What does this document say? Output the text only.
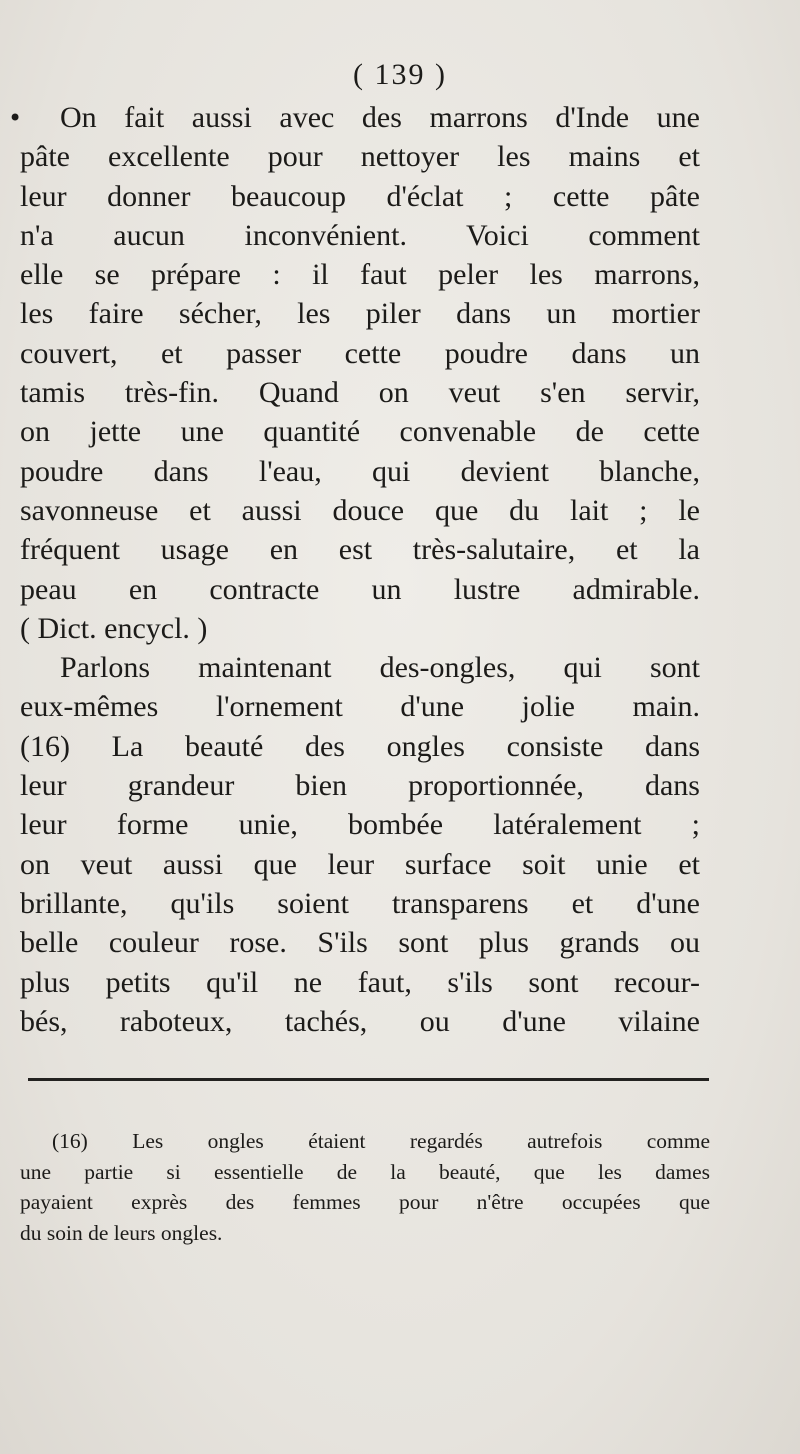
( 139 )
•	On fait aussi avec des marrons d'Inde une
pâte excellente pour nettoyer les mains et
leur donner beaucoup d'éclat ; cette pâte
n'a aucun inconvénient. Voici comment
elle se prépare : il faut peler les marrons,
les faire sécher, les piler dans un mortier
couvert, et passer cette poudre dans un
tamis très-fin. Quand on veut s'en servir,
on jette une quantité convenable de cette
poudre dans l'eau, qui devient blanche,
savonneuse et aussi douce que du lait ; le
fréquent usage en est très-salutaire, et la
peau en contracte un lustre admirable.
( Dict. encycl. )
Parlons maintenant des-ongles, qui sont
eux-mêmes l'ornement d'une jolie main.
(16) La beauté des ongles consiste dans
leur grandeur bien proportionnée, dans
leur forme unie, bombée latéralement ;
on veut aussi que leur surface soit unie et
brillante, qu'ils soient transparens et d'une
belle couleur rose. S'ils sont plus grands ou
plus petits qu'il ne faut, s'ils sont recour-
bés, raboteux, tachés, ou d'une vilaine
(16) Les ongles étaient regardés autrefois comme
une partie si essentielle de la beauté, que les dames
payaient exprès des femmes pour n'être occupées que
du soin de leurs ongles.
